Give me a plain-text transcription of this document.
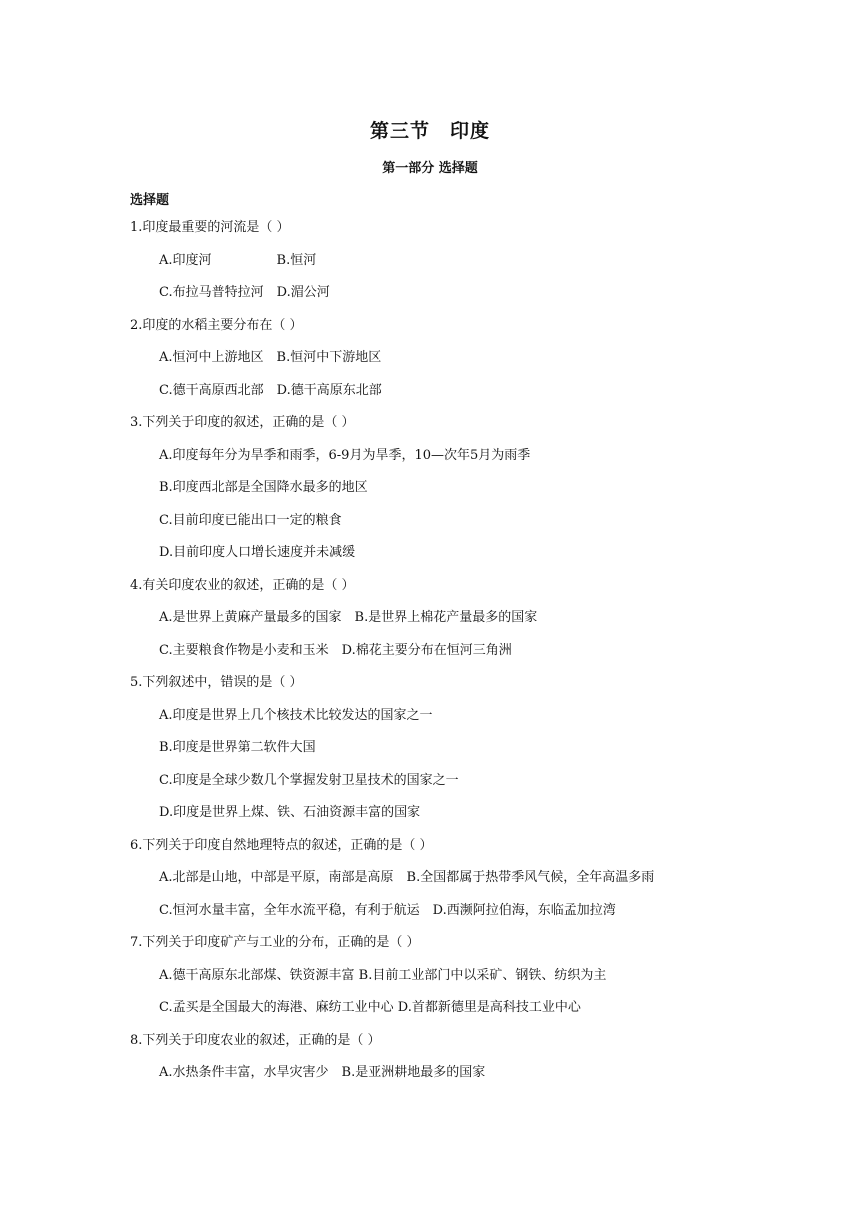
第三节　印度
第一部分 选择题
选择题
1.印度最重要的河流是（ ）
A.印度河　　　　　B.恒河
C.布拉马普特拉河　D.湄公河
2.印度的水稻主要分布在（ ）
A.恒河中上游地区　B.恒河中下游地区
C.德干高原西北部　D.德干高原东北部
3.下列关于印度的叙述，正确的是（ ）
A.印度每年分为旱季和雨季，6-9月为旱季，10—次年5月为雨季
B.印度西北部是全国降水最多的地区
C.目前印度已能出口一定的粮食
D.目前印度人口增长速度并未减缓
4.有关印度农业的叙述，正确的是（ ）
A.是世界上黄麻产量最多的国家　B.是世界上棉花产量最多的国家
C.主要粮食作物是小麦和玉米　D.棉花主要分布在恒河三角洲
5.下列叙述中，错误的是（ ）
A.印度是世界上几个核技术比较发达的国家之一
B.印度是世界第二软件大国
C.印度是全球少数几个掌握发射卫星技术的国家之一
D.印度是世界上煤、铁、石油资源丰富的国家
6.下列关于印度自然地理特点的叙述，正确的是（ ）
A.北部是山地，中部是平原，南部是高原　B.全国都属于热带季风气候，全年高温多雨
C.恒河水量丰富，全年水流平稳，有利于航运　D.西濒阿拉伯海，东临孟加拉湾
7.下列关于印度矿产与工业的分布，正确的是（ ）
A.德干高原东北部煤、铁资源丰富 B.目前工业部门中以采矿、钢铁、纺织为主
C.孟买是全国最大的海港、麻纺工业中心 D.首都新德里是高科技工业中心
8.下列关于印度农业的叙述，正确的是（ ）
A.水热条件丰富，水旱灾害少　B.是亚洲耕地最多的国家
